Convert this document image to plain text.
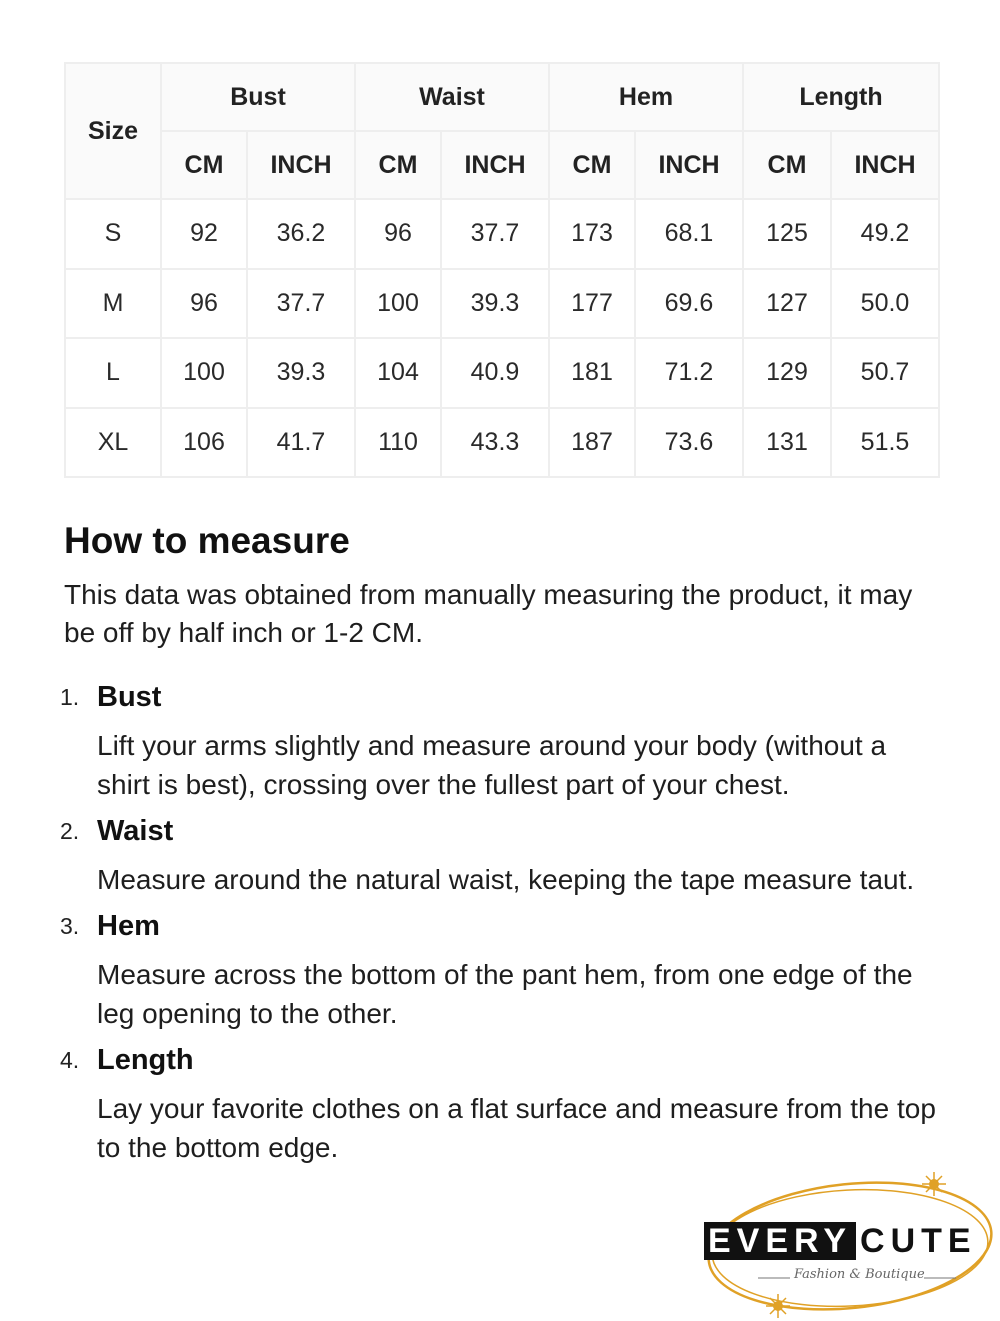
Size	Bust		Waist		Hem		Length	
	CM	INCH	CM	INCH	CM	INCH	CM	INCH
S	92	36.2	96	37.7	173	68.1	125	49.2
M	96	37.7	100	39.3	177	69.6	127	50.0
L	100	39.3	104	40.9	181	71.2	129	50.7
XL	106	41.7	110	43.3	187	73.6	131	51.5
How to measure

This data was obtained from manually measuring the product, it may be off by half inch or 1-2 CM.

1. Bust
Lift your arms slightly and measure around your body (without a shirt is best), crossing over the fullest part of your chest.
2. Waist
Measure around the natural waist, keeping the tape measure taut.
3. Hem
Measure across the bottom of the pant hem, from one edge of the leg opening to the other.
4. Length
Lay your favorite clothes on a flat surface and measure from the top to the bottom edge.
EVERY CUTE
Fashion & Boutique
